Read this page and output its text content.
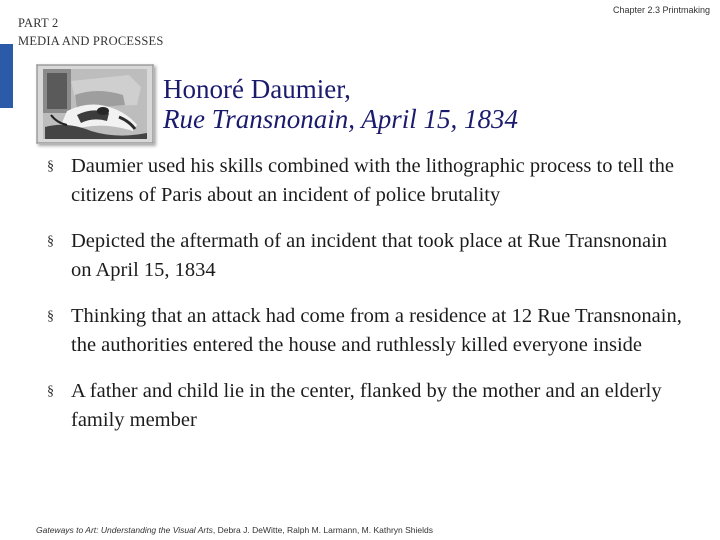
PART 2
MEDIA AND PROCESSES
Chapter 2.3 Printmaking
Honoré Daumier,
Rue Transnonain, April 15, 1834
§ Daumier used his skills combined with the lithographic process to tell the citizens of Paris about an incident of police brutality
§ Depicted the aftermath of an incident that took place at Rue Transnonain on April 15, 1834
§ Thinking that an attack had come from a residence at 12 Rue Transnonain, the authorities entered the house and ruthlessly killed everyone inside
§ A father and child lie in the center, flanked by the mother and an elderly family member
Gateways to Art: Understanding the Visual Arts, Debra J. DeWitte, Ralph M. Larmann, M. Kathryn Shields
